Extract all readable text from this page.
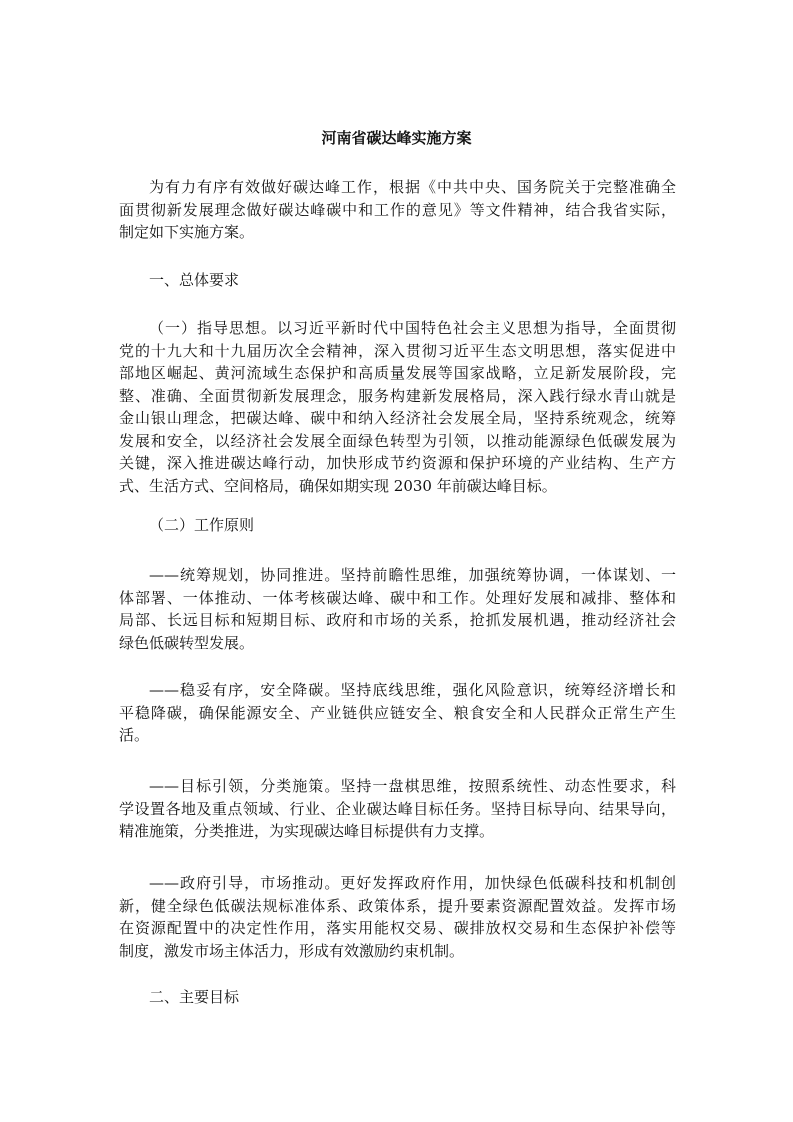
河南省碳达峰实施方案
为有力有序有效做好碳达峰工作，根据《中共中央、国务院关于完整准确全
面贯彻新发展理念做好碳达峰碳中和工作的意见》等文件精神，结合我省实际，
制定如下实施方案。
一、总体要求
（一）指导思想。以习近平新时代中国特色社会主义思想为指导，全面贯彻
党的十九大和十九届历次全会精神，深入贯彻习近平生态文明思想，落实促进中
部地区崛起、黄河流域生态保护和高质量发展等国家战略，立足新发展阶段，完
整、准确、全面贯彻新发展理念，服务构建新发展格局，深入践行绿水青山就是
金山银山理念，把碳达峰、碳中和纳入经济社会发展全局，坚持系统观念，统筹
发展和安全，以经济社会发展全面绿色转型为引领，以推动能源绿色低碳发展为
关键，深入推进碳达峰行动，加快形成节约资源和保护环境的产业结构、生产方
式、生活方式、空间格局，确保如期实现 2030 年前碳达峰目标。
（二）工作原则
——统筹规划，协同推进。坚持前瞻性思维，加强统筹协调，一体谋划、一
体部署、一体推动、一体考核碳达峰、碳中和工作。处理好发展和减排、整体和
局部、长远目标和短期目标、政府和市场的关系，抢抓发展机遇，推动经济社会
绿色低碳转型发展。
——稳妥有序，安全降碳。坚持底线思维，强化风险意识，统筹经济增长和
平稳降碳，确保能源安全、产业链供应链安全、粮食安全和人民群众正常生产生
活。
——目标引领，分类施策。坚持一盘棋思维，按照系统性、动态性要求，科
学设置各地及重点领域、行业、企业碳达峰目标任务。坚持目标导向、结果导向，
精准施策，分类推进，为实现碳达峰目标提供有力支撑。
——政府引导，市场推动。更好发挥政府作用，加快绿色低碳科技和机制创
新，健全绿色低碳法规标准体系、政策体系，提升要素资源配置效益。发挥市场
在资源配置中的决定性作用，落实用能权交易、碳排放权交易和生态保护补偿等
制度，激发市场主体活力，形成有效激励约束机制。
二、主要目标
